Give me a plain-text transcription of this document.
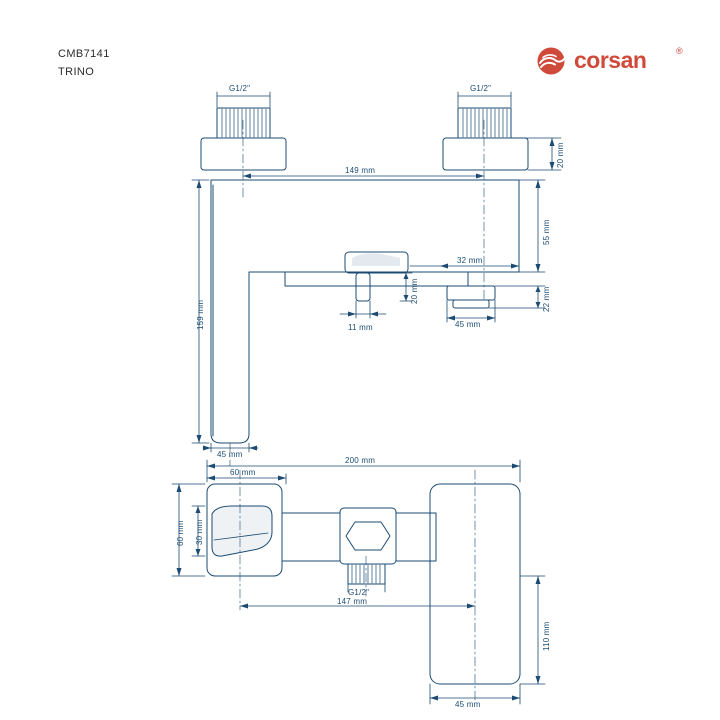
CMB7141
TRINO	corsan	®
G1/2"	G1/2"
149 mm
20 mm
55 mm
22 mm
32 mm
45 mm
20 mm
11 mm
159 mm
45 mm
200 mm
60 mm
60 mm 30 mm
G1/2"
147 mm
110 mm
45 mm
